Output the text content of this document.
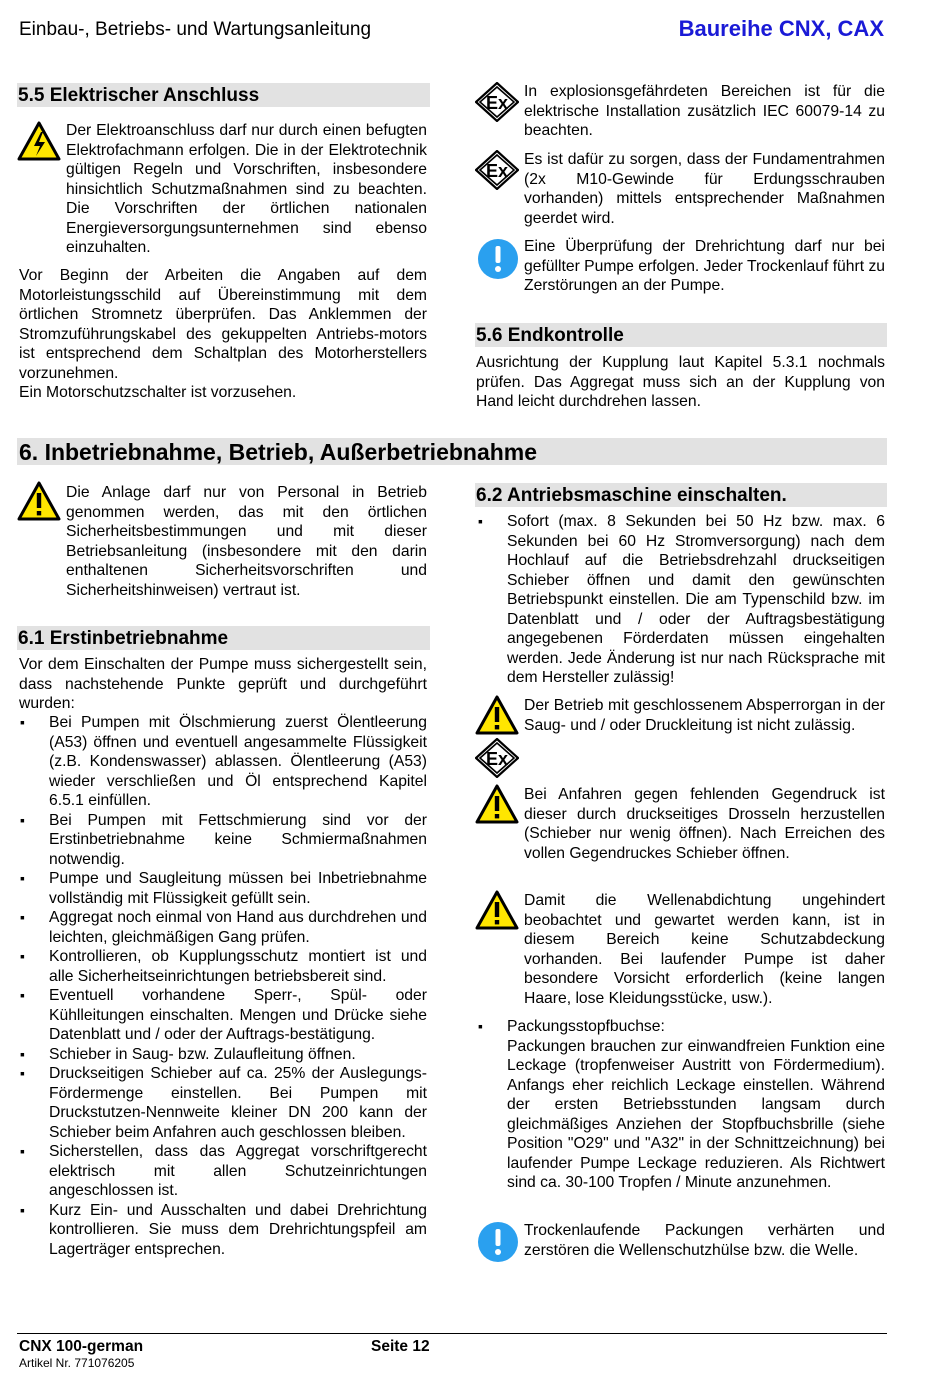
Einbau-, Betriebs- und Wartungsanleitung	Baureihe CNX, CAX
5.5 Elektrischer Anschluss
Der Elektroanschluss darf nur durch einen befugten Elektrofachmann erfolgen. Die in der Elektrotechnik gültigen Regeln und Vorschriften, insbesondere hinsichtlich Schutzmaßnahmen sind zu beachten. Die Vorschriften der örtlichen nationalen Energieversorgungsunternehmen sind ebenso einzuhalten.

Vor Beginn der Arbeiten die Angaben auf dem Motorleistungsschild auf Übereinstimmung mit dem örtlichen Stromnetz überprüfen. Das Anklemmen der Stromzuführungskabel des gekuppelten Antriebs-motors ist entsprechend dem Schaltplan des Motorherstellers vorzunehmen.

Ein Motorschutzschalter ist vorzusehen.

In explosionsgefährdeten Bereichen ist für die elektrische Installation zusätzlich IEC 60079-14 zu beachten.
Es ist dafür zu sorgen, dass der Fundamentrahmen (2x M10-Gewinde für Erdungsschrauben vorhanden) mittels entsprechender Maßnahmen geerdet wird.
Eine Überprüfung der Drehrichtung darf nur bei gefüllter Pumpe erfolgen. Jeder Trockenlauf führt zu Zerstörungen an der Pumpe.
5.6 Endkontrolle
Ausrichtung der Kupplung laut Kapitel 5.3.1 nochmals prüfen. Das Aggregat muss sich an der Kupplung von Hand leicht durchdrehen lassen.
6. Inbetriebnahme, Betrieb, Außerbetriebnahme
Die Anlage darf nur von Personal in Betrieb genommen werden, das mit den örtlichen Sicherheitsbestimmungen und mit dieser Betriebsanleitung (insbesondere mit den darin enthaltenen Sicherheitsvorschriften und Sicherheitshinweisen) vertraut ist.
6.1 Erstinbetriebnahme
Vor dem Einschalten der Pumpe muss sichergestellt sein, dass nachstehende Punkte geprüft und durchgeführt wurden:
▪ Bei Pumpen mit Ölschmierung zuerst Ölentleerung (A53) öffnen und eventuell angesammelte Flüssigkeit (z.B. Kondenswasser) ablassen. Ölentleerung (A53) wieder verschließen und Öl entsprechend Kapitel 6.5.1 einfüllen.
▪ Bei Pumpen mit Fettschmierung sind vor der Erstinbetriebnahme keine Schmiermaßnahmen notwendig.
▪ Pumpe und Saugleitung müssen bei Inbetriebnahme vollständig mit Flüssigkeit gefüllt sein.
▪ Aggregat noch einmal von Hand aus durchdrehen und leichten, gleichmäßigen Gang prüfen.
▪ Kontrollieren, ob Kupplungsschutz montiert ist und alle Sicherheitseinrichtungen betriebsbereit sind.
▪ Eventuell vorhandene Sperr-, Spül- oder Kühlleitungen einschalten. Mengen und Drücke siehe Datenblatt und / oder der Auftrags-bestätigung.
▪ Schieber in Saug- bzw. Zulaufleitung öffnen.
▪ Druckseitigen Schieber auf ca. 25% der Auslegungs-Fördermenge einstellen. Bei Pumpen mit Druckstutzen-Nennweite kleiner DN 200 kann der Schieber beim Anfahren auch geschlossen bleiben.
▪ Sicherstellen, dass das Aggregat vorschriftgerecht elektrisch mit allen Schutzeinrichtungen angeschlossen ist.
▪ Kurz Ein- und Ausschalten und dabei Drehrichtung kontrollieren. Sie muss dem Drehrichtungspfeil am Lagerträger entsprechen.
6.2 Antriebsmaschine einschalten.
▪ Sofort (max. 8 Sekunden bei 50 Hz bzw. max. 6 Sekunden bei 60 Hz Stromversorgung) nach dem Hochlauf auf die Betriebsdrehzahl druckseitigen Schieber öffnen und damit den gewünschten Betriebspunkt einstellen. Die am Typenschild bzw. im Datenblatt und / oder der Auftragsbestätigung angegebenen Förderdaten müssen eingehalten werden. Jede Änderung ist nur nach Rücksprache mit dem Hersteller zulässig!
Der Betrieb mit geschlossenem Absperrorgan in der Saug- und / oder Druckleitung ist nicht zulässig.
Bei Anfahren gegen fehlenden Gegendruck ist dieser durch druckseitiges Drosseln herzustellen (Schieber nur wenig öffnen). Nach Erreichen des vollen Gegendruckes Schieber öffnen.
Damit die Wellenabdichtung ungehindert beobachtet und gewartet werden kann, ist in diesem Bereich keine Schutzabdeckung vorhanden. Bei laufender Pumpe ist daher besondere Vorsicht erforderlich (keine langen Haare, lose Kleidungsstücke, usw.).
▪ Packungsstopfbuchse:
Packungen brauchen zur einwandfreien Funktion eine Leckage (tropfenweiser Austritt von Fördermedium). Anfangs eher reichlich Leckage einstellen. Während der ersten Betriebsstunden langsam durch gleichmäßiges Anziehen der Stopfbuchsbrille (siehe Position "O29" und "A32" in der Schnittzeichnung) bei laufender Pumpe Leckage reduzieren. Als Richtwert sind ca. 30-100 Tropfen / Minute anzunehmen.
Trockenlaufende Packungen verhärten und zerstören die Wellenschutzhülse bzw. die Welle.
CNX 100-german
Artikel Nr. 771076205
Seite 12
